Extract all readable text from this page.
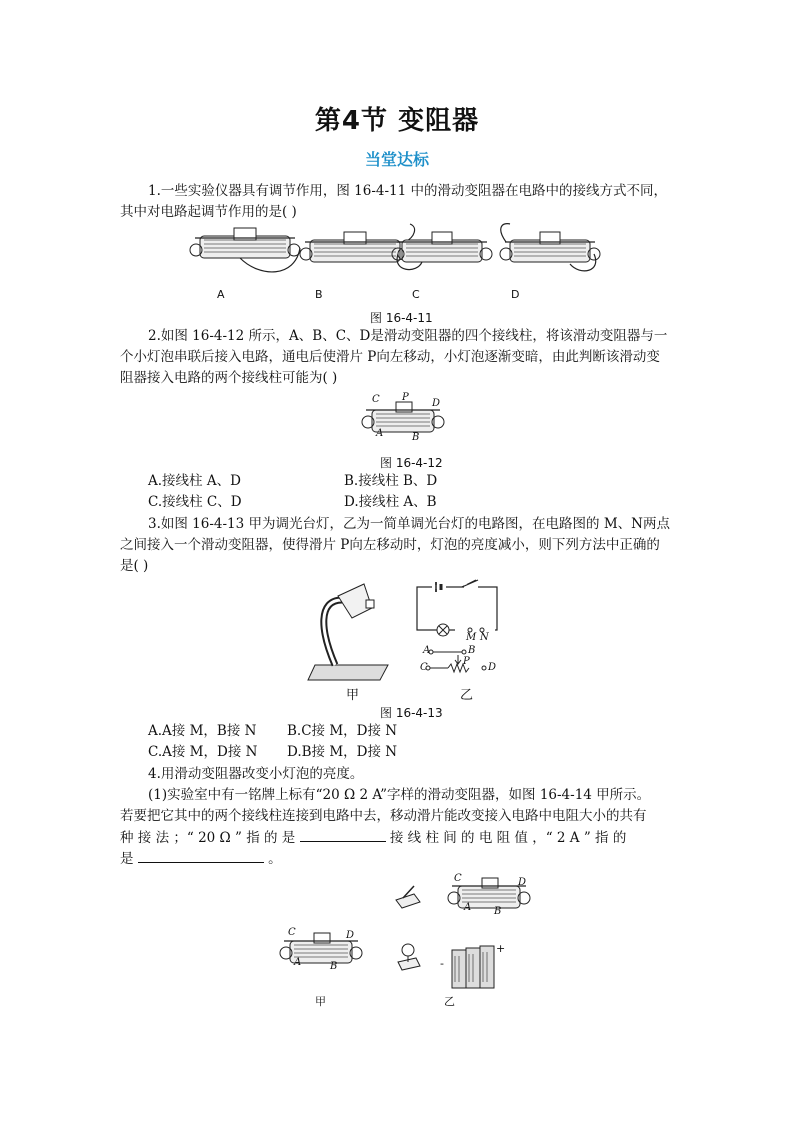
第4节 变阻器
当堂达标
1.一些实验仪器具有调节作用，图 16-4-11 中的滑动变阻器在电路中的接线方式不同，
其中对电路起调节作用的是( )
A	B	C	D
图 16-4-11
2.如图 16-4-12 所示，A、B、C、D是滑动变阻器的四个接线柱，将该滑动变阻器与一
个小灯泡串联后接入电路，通电后使滑片 P向左移动，小灯泡逐渐变暗，由此判断该滑动变
阻器接入电路的两个接线柱可能为( )
C P
D
A	B
图 16-4-12
A.接线柱 A、D	B.接线柱 B、D
C.接线柱 C、D	D.接线柱 A、B
3.如图 16-4-13 甲为调光台灯，乙为一简单调光台灯的电路图，在电路图的 M、N两点
之间接入一个滑动变阻器，使得滑片 P向左移动时，灯泡的亮度减小，则下列方法中正确的
是( )
M N
A	B
P
C	D
甲	乙
图 16-4-13
A.A接 M，B接 N B.C接 M，D接 N
C.A接 M，D接 N D.B接 M，D接 N
4.用滑动变阻器改变小灯泡的亮度。
(1)实验室中有一铭牌上标有“20 Ω 2 A”字样的滑动变阻器，如图 16-4-14 甲所示。
若要把它其中的两个接线柱连接到电路中去，移动滑片能改变接入电路中电阻大小的共有
种 接 法 ；“ 20 Ω ” 指 的 是	接 线 柱 间 的 电 阻 值 ，“ 2 A ” 指 的
是	。
C	D
A B
C	D
A	B	-
+
甲	乙
